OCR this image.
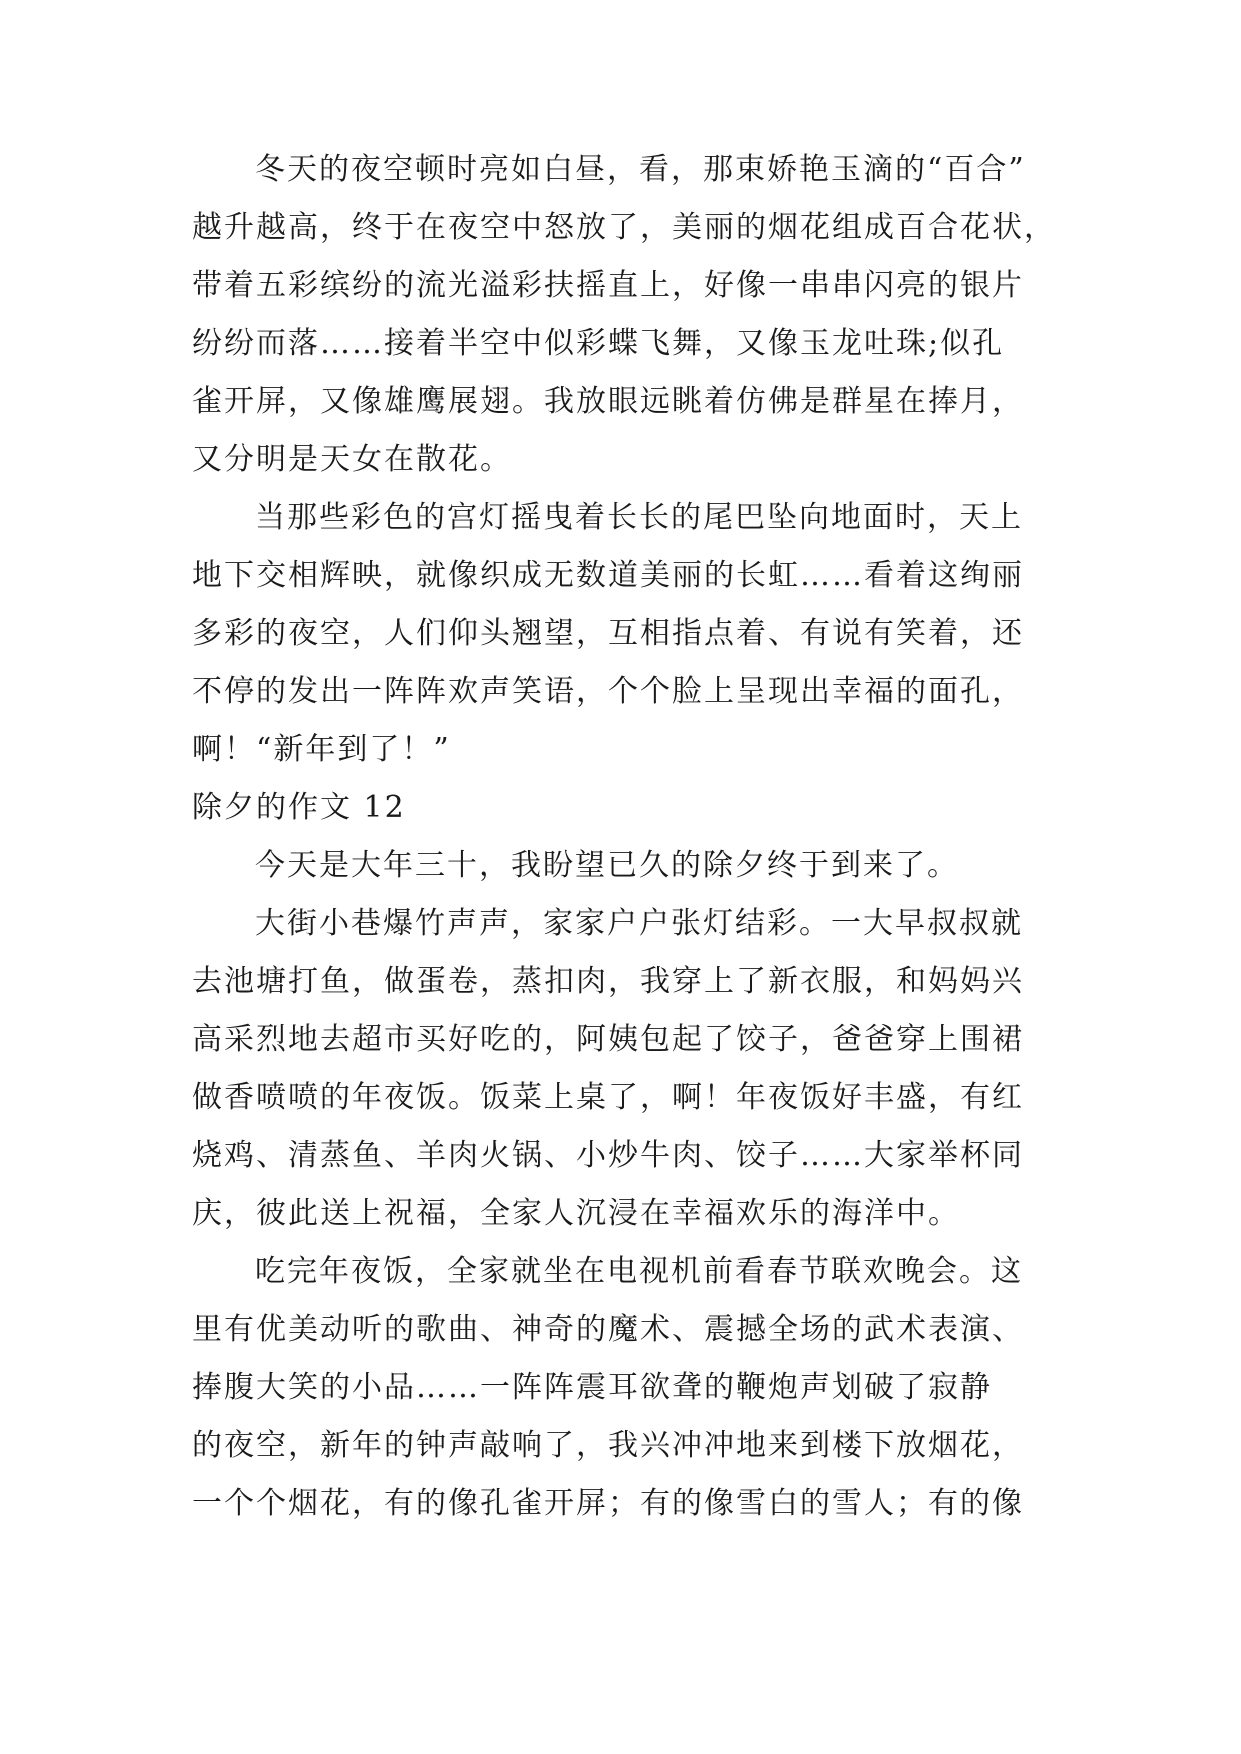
冬天的夜空顿时亮如白昼，看，那束娇艳玉滴的“百合”
越升越高，终于在夜空中怒放了，美丽的烟花组成百合花状，
带着五彩缤纷的流光溢彩扶摇直上，好像一串串闪亮的银片
纷纷而落……接着半空中似彩蝶飞舞，又像玉龙吐珠;似孔
雀开屏，又像雄鹰展翅。我放眼远眺着仿佛是群星在捧月，
又分明是天女在散花。
当那些彩色的宫灯摇曳着长长的尾巴坠向地面时，天上
地下交相辉映，就像织成无数道美丽的长虹……看着这绚丽
多彩的夜空，人们仰头翘望，互相指点着、有说有笑着，还
不停的发出一阵阵欢声笑语，个个脸上呈现出幸福的面孔，
啊！“新年到了！”
除夕的作文 12
今天是大年三十，我盼望已久的除夕终于到来了。
大街小巷爆竹声声，家家户户张灯结彩。一大早叔叔就
去池塘打鱼，做蛋卷，蒸扣肉，我穿上了新衣服，和妈妈兴
高采烈地去超市买好吃的，阿姨包起了饺子，爸爸穿上围裙
做香喷喷的年夜饭。饭菜上桌了，啊！年夜饭好丰盛，有红
烧鸡、清蒸鱼、羊肉火锅、小炒牛肉、饺子……大家举杯同
庆，彼此送上祝福，全家人沉浸在幸福欢乐的海洋中。
吃完年夜饭，全家就坐在电视机前看春节联欢晚会。这
里有优美动听的歌曲、神奇的魔术、震撼全场的武术表演、
捧腹大笑的小品……一阵阵震耳欲聋的鞭炮声划破了寂静
的夜空，新年的钟声敲响了，我兴冲冲地来到楼下放烟花，
一个个烟花，有的像孔雀开屏；有的像雪白的雪人；有的像
